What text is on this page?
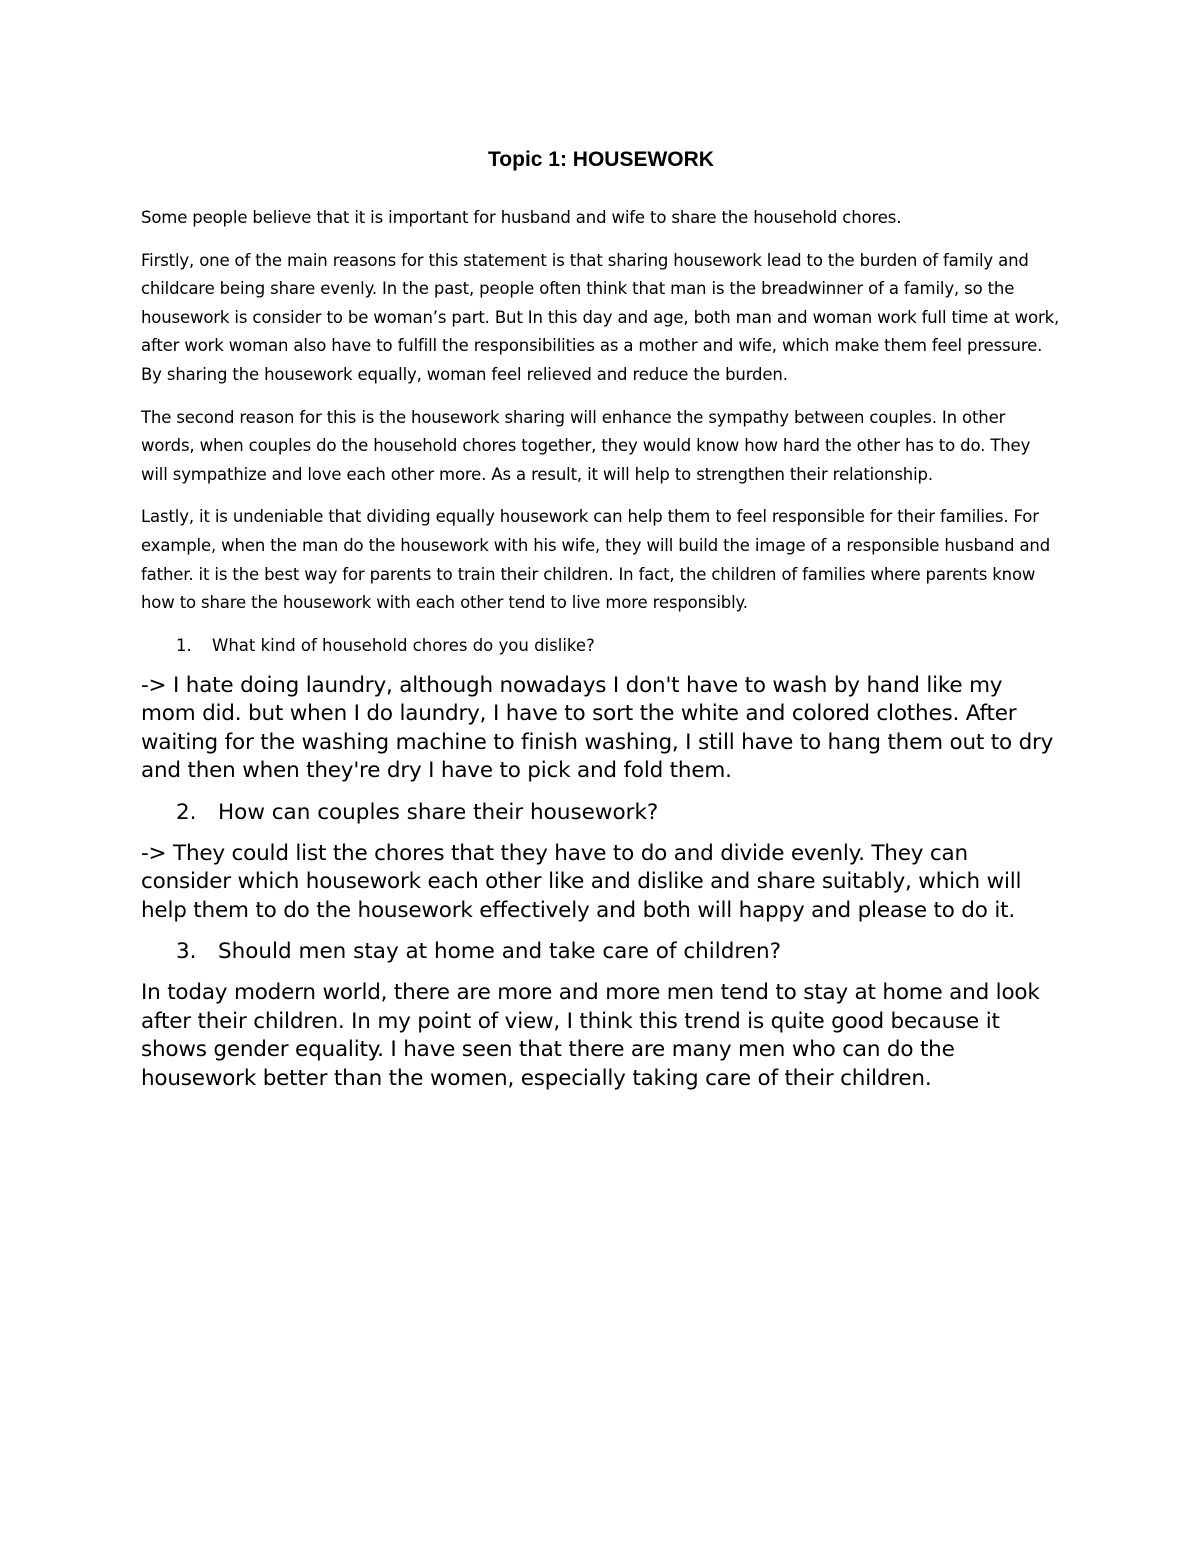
Topic 1: HOUSEWORK

Some people believe that it is important for husband and wife to share the household chores.

Firstly, one of the main reasons for this statement is that sharing housework lead to the burden of family and childcare being share evenly. In the past, people often think that man is the breadwinner of a family, so the housework is consider to be woman’s part. But In this day and age, both man and woman work full time at work, after work woman also have to fulfill the responsibilities as a mother and wife, which make them feel pressure. By sharing the housework equally, woman feel relieved and reduce the burden.

The second reason for this is the housework sharing will enhance the sympathy between couples. In other words, when couples do the household chores together, they would know how hard the other has to do. They will sympathize and love each other more. As a result, it will help to strengthen their relationship.

Lastly, it is undeniable that dividing equally housework can help them to feel responsible for their families. For example, when the man do the housework with his wife, they will build the image of a responsible husband and father. it is the best way for parents to train their children. In fact, the children of families where parents know how to share the housework with each other tend to live more responsibly.

1.	What kind of household chores do you dislike?

-> I hate doing laundry, although nowadays I don't have to wash by hand like my mom did. but when I do laundry, I have to sort the white and colored clothes. After waiting for the washing machine to finish washing, I still have to hang them out to dry and then when they're dry I have to pick and fold them.

2. How can couples share their housework?

-> They could list the chores that they have to do and divide evenly. They can consider which housework each other like and dislike and share suitably, which will help them to do the housework effectively and both will happy and please to do it.

3. Should men stay at home and take care of children?

In today modern world, there are more and more men tend to stay at home and look after their children. In my point of view, I think this trend is quite good because it shows gender equality. I have seen that there are many men who can do the housework better than the women, especially taking care of their children.
